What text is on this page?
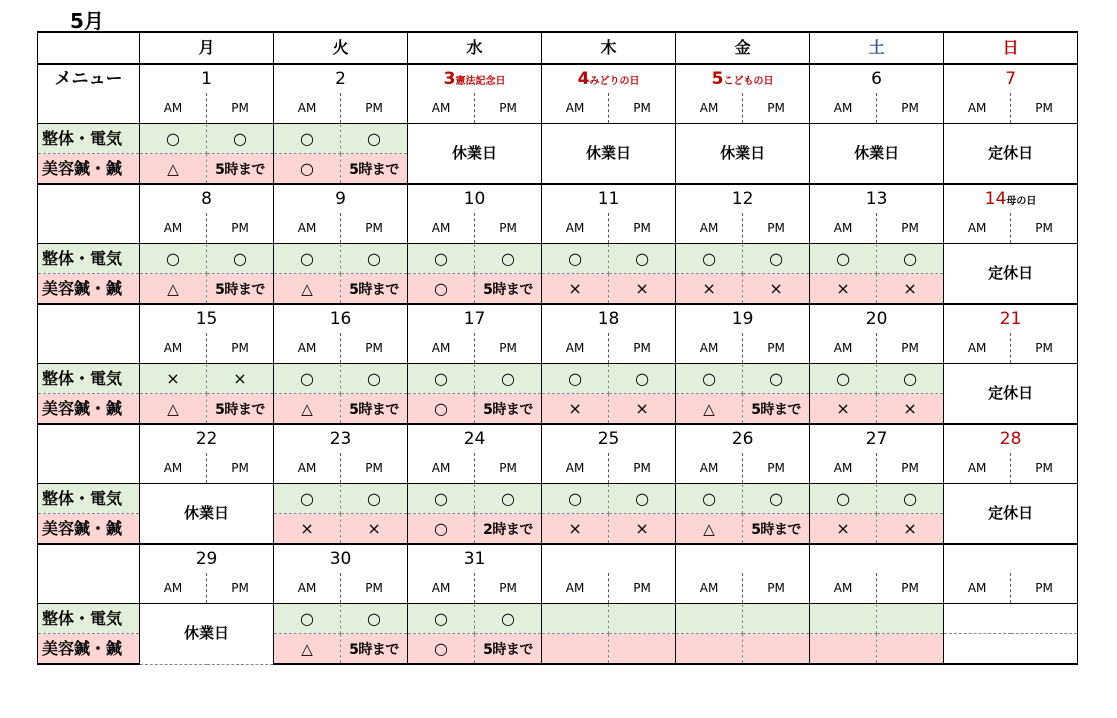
5月
	月		火		水		木		金		土		日	
メニュー	1		2		3憲法記念日		4みどりの日		5こどもの日		6		7	
	AM	PM	AM	PM	AM	PM	AM	PM	AM	PM	AM	PM	AM	PM
整体・電気	○	○	○	○	休業日		休業日		休業日		休業日		定休日	
美容鍼・鍼	△	5時まで	○	5時まで										
	8		9		10		11		12		13		14母の日	
	AM	PM	AM	PM	AM	PM	AM	PM	AM	PM	AM	PM	AM	PM
整体・電気	○	○	○	○	○	○	○	○	○	○	○	○	定休日	
美容鍼・鍼	△	5時まで	△	5時まで	○	5時まで	×	×	×	×	×	×		
	15		16		17		18		19		20		21	
	AM	PM	AM	PM	AM	PM	AM	PM	AM	PM	AM	PM	AM	PM
整体・電気	×	×	○	○	○	○	○	○	○	○	○	○	定休日	
美容鍼・鍼	△	5時まで	△	5時まで	○	5時まで	×	×	△	5時まで	×	×		
	22		23		24		25		26		27		28	
	AM	PM	AM	PM	AM	PM	AM	PM	AM	PM	AM	PM	AM	PM
整体・電気	休業日		○	○	○	○	○	○	○	○	○	○	定休日	
美容鍼・鍼			×	×	○	2時まで	×	×	△	5時まで	×	×		
	29		30		31									
	AM	PM	AM	PM	AM	PM	AM	PM	AM	PM	AM	PM	AM	PM
整体・電気	休業日		○	○	○	○								
美容鍼・鍼			△	5時まで	○	5時まで								
